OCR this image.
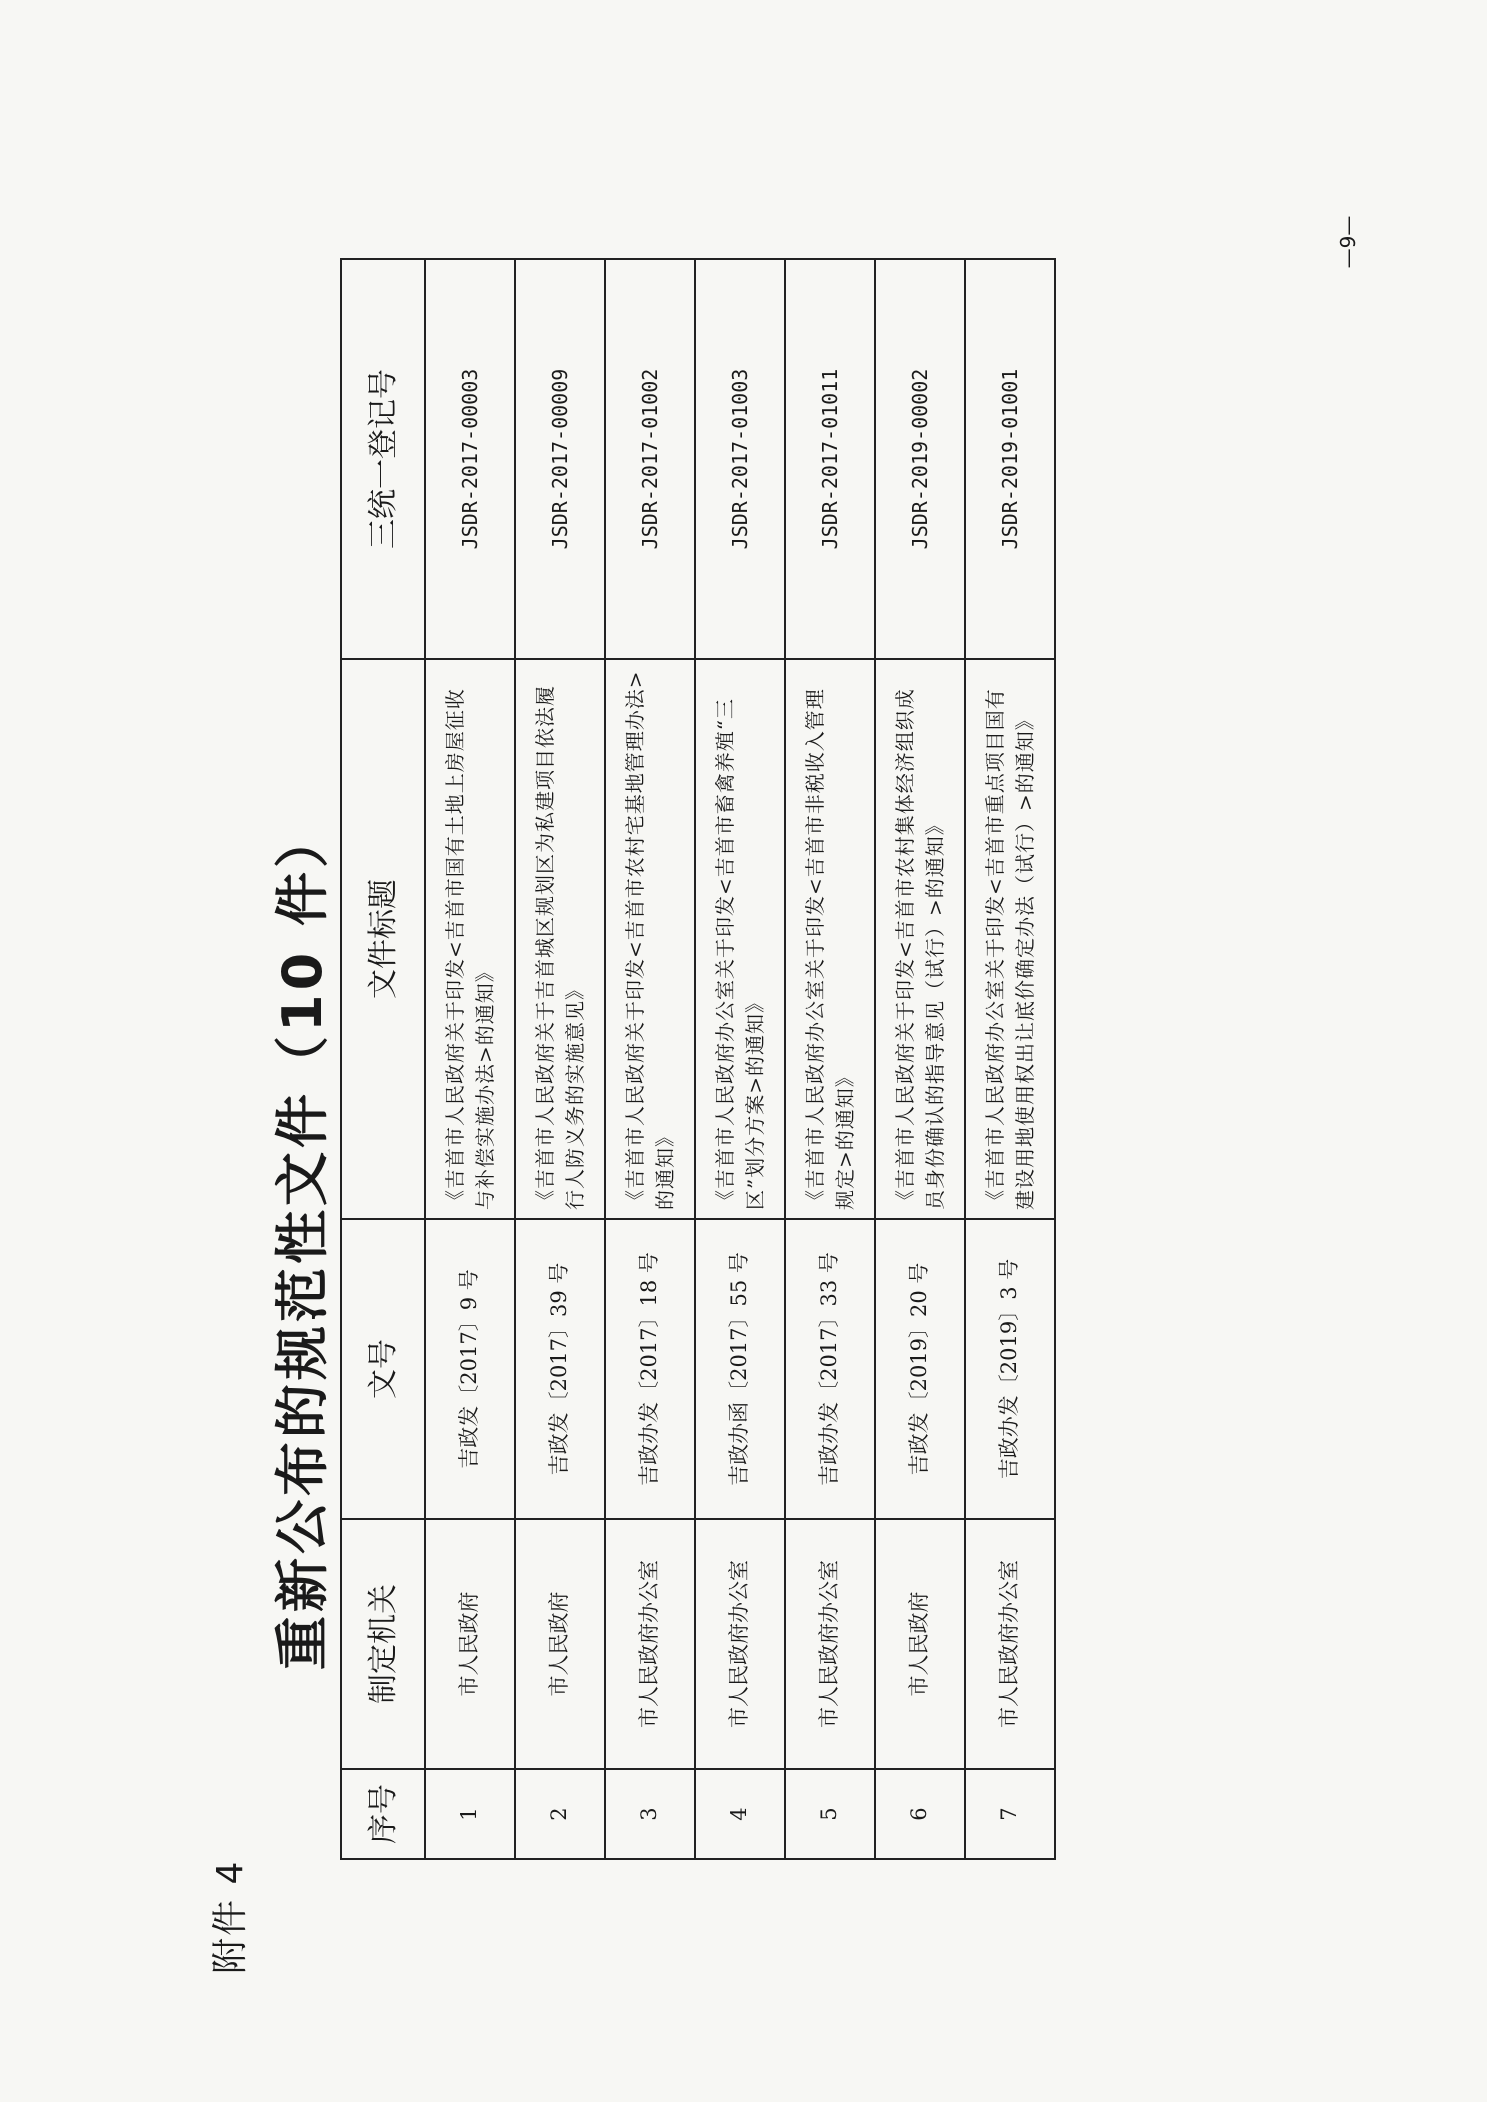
—9—
附件 4
重新公布的规范性文件（10 件）
序号	制定机关	文号	文件标题	三统一登记号
1	市人民政府	吉政发〔2017〕9 号	《吉首市人民政府关于印发<吉首市国有土地上房屋征收与补偿实施办法>的通知》	JSDR-2017-00003
2	市人民政府	吉政发〔2017〕39 号	《吉首市人民政府关于吉首城区规划区为私建项目依法履行人防义务的实施意见》	JSDR-2017-00009
3	市人民政府办公室	吉政办发〔2017〕18 号	《吉首市人民政府关于印发<吉首市农村宅基地管理办法>的通知》	JSDR-2017-01002
4	市人民政府办公室	吉政办函〔2017〕55 号	《吉首市人民政府办公室关于印发<吉首市畜禽养殖“三区”划分方案>的通知》	JSDR-2017-01003
5	市人民政府办公室	吉政办发〔2017〕33 号	《吉首市人民政府办公室关于印发<吉首市非税收入管理规定>的通知》	JSDR-2017-01011
6	市人民政府	吉政发〔2019〕20 号	《吉首市人民政府关于印发<吉首市农村集体经济组织成员身份确认的指导意见（试行）>的通知》	JSDR-2019-00002
7	市人民政府办公室	吉政办发〔2019〕3 号	《吉首市人民政府办公室关于印发<吉首市重点项目国有建设用地使用权出让底价确定办法（试行）>的通知》	JSDR-2019-01001
